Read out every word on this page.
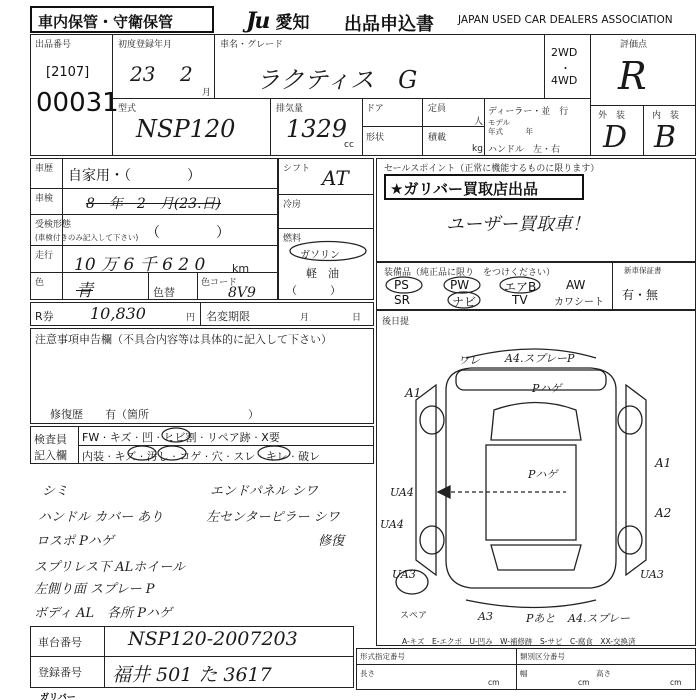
車内保管・守衛保管	Ju 愛知 出品申込書 JAPAN USED CAR DEALERS ASSOCIATION
出品番号
[2107]
00031
初度登録年月
23 2
月
車名・グレード
ラクティス　G
2WD
・
4WD
評価点
R
外　装	内　装
D B
型式
NSP120
排気量
1329
cc
ドア
形状
定員
人
積載
kg
ディーラー・並　行
モデル
年式　　　年
ハンドル　左・右
車歴 自家用・（　　　　）
車検 8　年　2　月(23.日)
受検形態
(車検付きのみ記入して下さい) （　　　　）
走行 10 万 6 千 6 2 0 km
色 青	色替
色コード
8V9
シフト AT
冷房
燃料
ガソリン
軽　油
（　　　）
セールスポイント（正常に機能するものに限ります）
★ガリバー買取店出品
ユーザー買取車！
装備品（純正品に限り　をつけください）
PS	PW	エアB AW
SR	ナビ	TV	カワシート
新車保証書
有・無
R券 10,830	円 名変期限	月	日 後日提
注意事項申告欄（不具合内容等は具体的に記入して下さい）
修復歴　　有（箇所　　　　　　　　　）
検査員
記入欄
FW · キズ · 凹 · ヒビ割 · リペア跡 · X要
内装 · キズ · 汚し · コゲ · 穴 · スレ · キレ · 破レ
シミ
ハンドル カバー あり
ロスポ Pハゲ
スプリレス下 ALホイール
左側り面 スプレー P
ボディ AL　各所 Pハゲ
エンドパネル シワ
左センターピラー シワ
修復
ワレ A4.スプレーP
A1	Pハゲ
A1
Pハゲ
UA4
UA4
A2
UA3	UA3
スペア	A3	Pあと A4.スプレー
A-キズ　E-エクボ　U-凹み　W-補修跡　S-サビ　C-腐食　XX-交換済
車台番号 NSP120-2007203
登録番号 福井 501 た 3617
形式指定番号	類別区分番号
長さ
cm
幅
cm
高さ
cm
ガリバー
